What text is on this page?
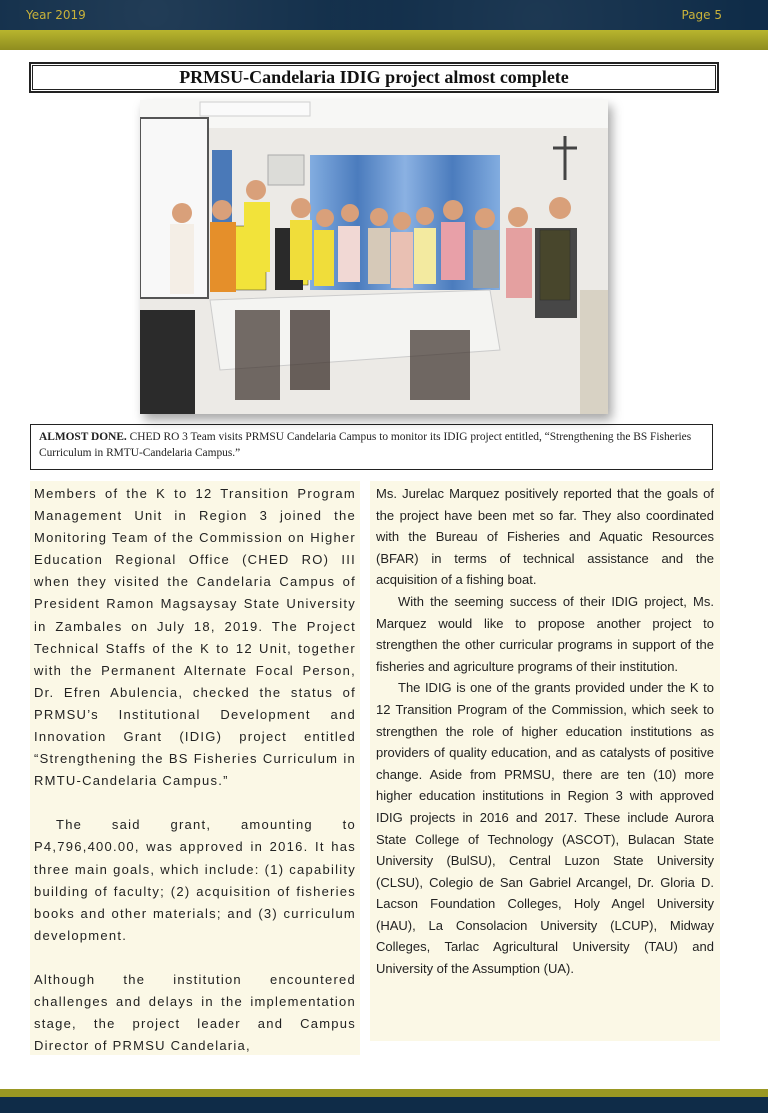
Year 2019	Page 5
PRMSU-Candelaria IDIG project almost complete
ALMOST DONE. CHED RO 3 Team visits PRMSU Candelaria Campus to monitor its IDIG project entitled, “Strengthening the BS Fisheries Curriculum in RMTU-Candelaria Campus.”

Members of the K to 12 Transition Program Management Unit in Region 3 joined the Monitoring Team of the Commission on Higher Education Regional Office (CHED RO) III when they visited the Candelaria Campus of President Ramon Magsaysay State University in Zambales on July 18, 2019. The Project Technical Staffs of the K to 12 Unit, together with the Permanent Alternate Focal Person, Dr. Efren Abulencia, checked the status of PRMSU’s Institutional Development and Innovation Grant (IDIG) project entitled “Strengthening the BS Fisheries Curriculum in RMTU-Candelaria Campus.”

The said grant, amounting to P4,796,400.00, was approved in 2016. It has three main goals, which include: (1) capability building of faculty; (2) acquisition of fisheries books and other materials; and (3) curriculum development.

Although the institution encountered challenges and delays in the implementation stage, the project leader and Campus Director of PRMSU Candelaria,

Ms. Jurelac Marquez positively reported that the goals of the project have been met so far. They also coordinated with the Bureau of Fisheries and Aquatic Resources (BFAR) in terms of technical assistance and the acquisition of a fishing boat.

With the seeming success of their IDIG project, Ms. Marquez would like to propose another project to strengthen the other curricular programs in support of the fisheries and agriculture programs of their institution.

The IDIG is one of the grants provided under the K to 12 Transition Program of the Commission, which seek to strengthen the role of higher education institutions as providers of quality education, and as catalysts of positive change. Aside from PRMSU, there are ten (10) more higher education institutions in Region 3 with approved IDIG projects in 2016 and 2017. These include Aurora State College of Technology (ASCOT), Bulacan State University (BulSU), Central Luzon State University (CLSU), Colegio de San Gabriel Arcangel, Dr. Gloria D. Lacson Foundation Colleges, Holy Angel University (HAU), La Consolacion University (LCUP), Midway Colleges, Tarlac Agricultural University (TAU) and University of the Assumption (UA).
